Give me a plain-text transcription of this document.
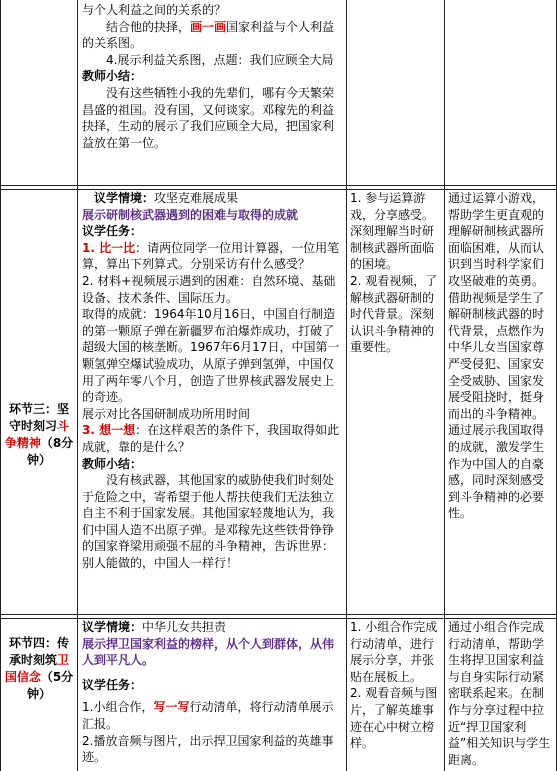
与个人利益之间的关系的？

结合他的抉择，画一画国家利益与个人利益的关系图。

4.展示利益关系图，点题：我们应顾全大局

教师小结：

没有这些牺牲小我的先辈们，哪有今天繁荣昌盛的祖国。没有国，又何谈家。邓稼先的利益抉择，生动的展示了我们应顾全大局，把国家利益放在第一位。

环节三：坚守时刻习斗争精神（8分钟）

议学情境：攻坚克难展成果

展示研制核武器遇到的困难与取得的成就

议学任务：

1. 比一比：请两位同学一位用计算器，一位用笔算，算出下列算式。分别采访有什么感受？

2. 材料+视频展示遇到的困难：自然环境、基础设备、技术条件、国际压力。

取得的成就：1964年10月16日，中国自行制造的第一颗原子弹在新疆罗布泊爆炸成功，打破了超级大国的核垄断。1967年6月17日，中国第一颗氢弹空爆试验成功，从原子弹到氢弹，中国仅用了两年零八个月，创造了世界核武器发展史上的奇迹。

展示对比各国研制成功所用时间

3. 想一想：在这样艰苦的条件下，我国取得如此成就，靠的是什么？

教师小结：

没有核武器，其他国家的威胁使我们时刻处于危险之中，寄希望于他人帮扶使我们无法独立自主不利于国家发展。其他国家轻蔑地认为，我们中国人造不出原子弹。是邓稼先这些铁骨铮铮的国家脊梁用顽强不屈的斗争精神，吿诉世界：别人能做的，中国人一样行！

1. 参与运算游戏，分享感受。深刻理解当时研制核武器所面临的困境。
2. 观看视频，了解核武器研制的时代背景。深刻认识斗争精神的重要性。
通过运算小游戏，帮助学生更直观的理解研制核武器所面临困难，从而认识到当时科学家们攻坚破难的英勇。
借助视频是学生了解研制核武器的时代背景，点燃作为中华儿女当国家尊严受侵犯、国家安全受威胁、国家发展受阻挠时，挺身而出的斗争精神。
通过展示我国取得的成就，激发学生作为中国人的自豪感，同时深刻感受到斗争精神的必要性。
环节四：传承时刻筑卫国信念（5分钟）

议学情境：中华儿女共担责

展示捍卫国家利益的榜样，从个人到群体，从伟人到平凡人。

议学任务：

1.小组合作，写一写行动清单，将行动清单展示汇报。

2.播放音频与图片，出示捍卫国家利益的英雄事迹。

1. 小组合作完成行动清单，进行展示分享，并张贴在展板上。
2. 观看音频与图片，了解英雄事迹在心中树立榜样。
通过小组合作完成行动清单，帮助学生将捍卫国家利益与自身实际行动紧密联系起来。在制作与分享过程中拉近“捍卫国家利益”相关知识与学生距离。
